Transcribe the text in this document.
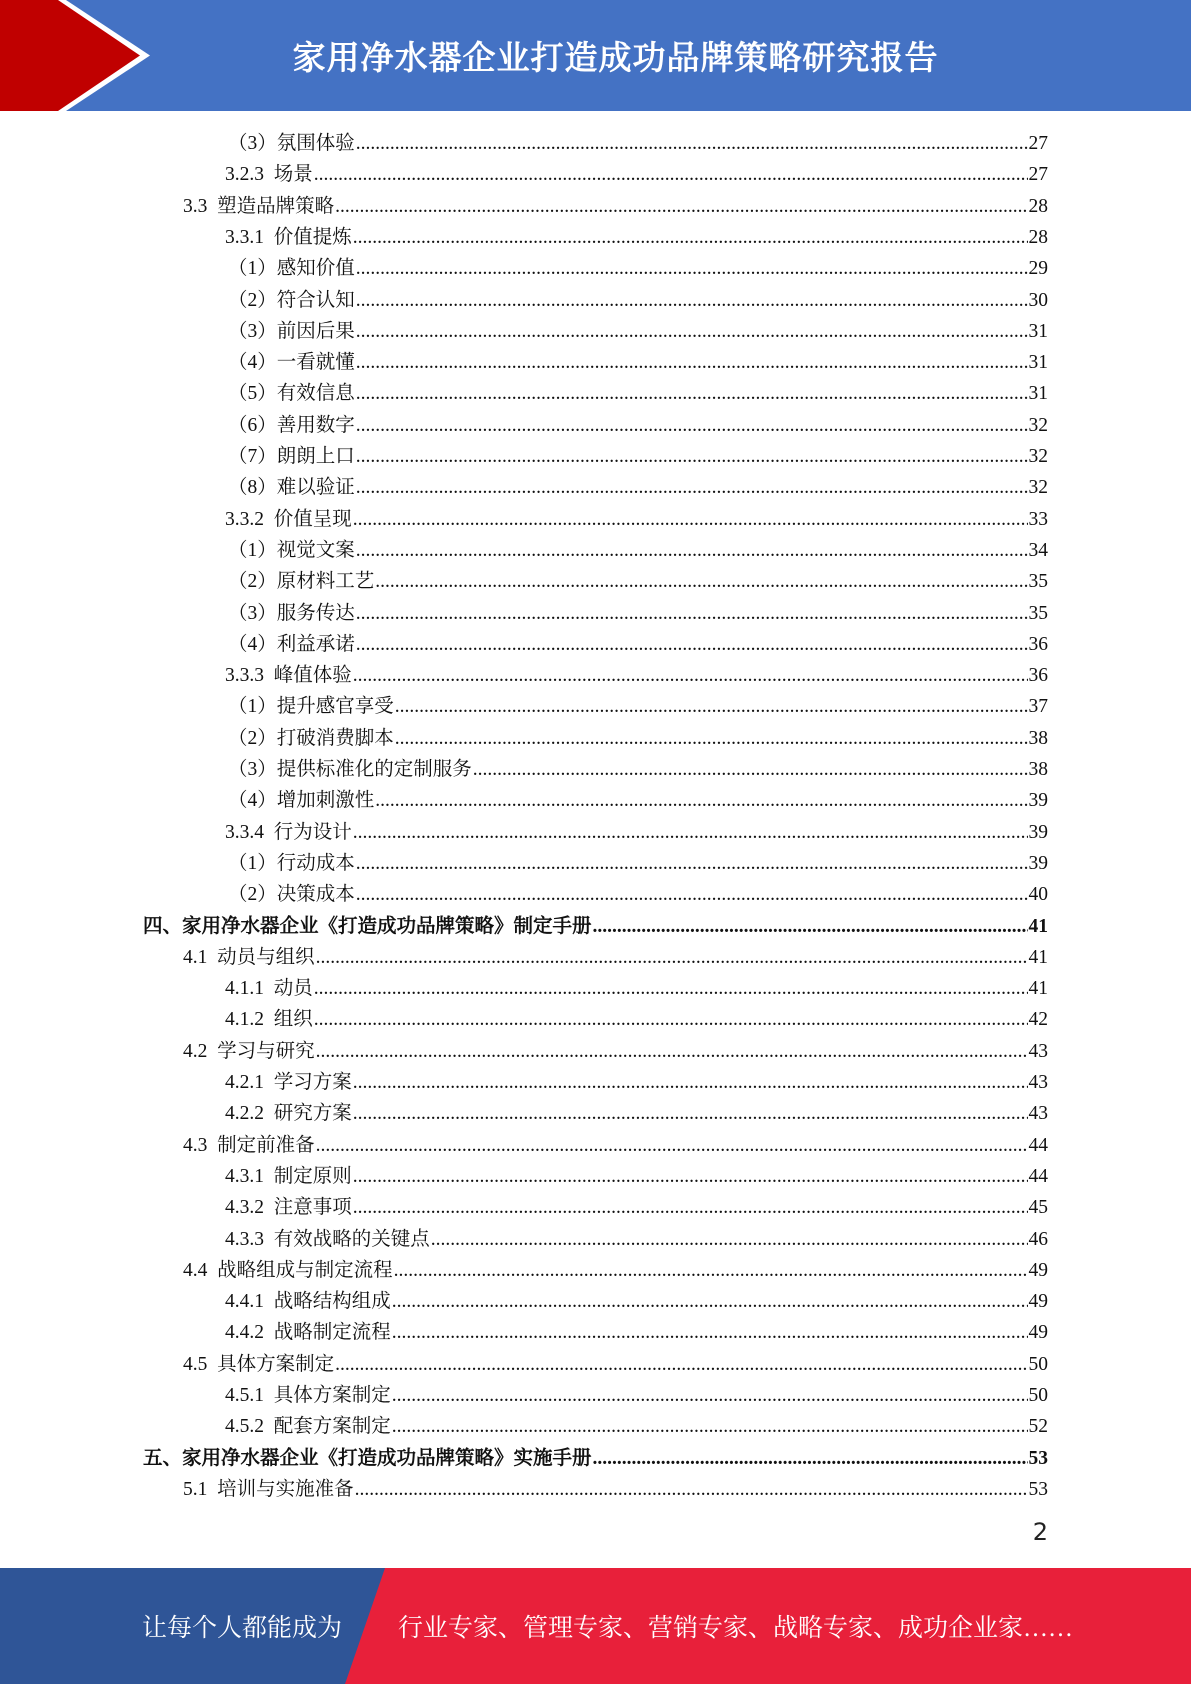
家用净水器企业打造成功品牌策略研究报告
（3）氛围体验 .....	27
3.2.3  场景 .....	27
3.3  塑造品牌策略 .....	28
3.3.1  价值提炼 .....	28
（1）感知价值 .....	29
（2）符合认知 .....	30
（3）前因后果 .....	31
（4）一看就懂 .....	31
（5）有效信息 .....	31
（6）善用数字 .....	32
（7）朗朗上口 .....	32
（8）难以验证 .....	32
3.3.2  价值呈现 .....	33
（1）视觉文案 .....	34
（2）原材料工艺 .....	35
（3）服务传达 .....	35
（4）利益承诺 .....	36
3.3.3  峰值体验 .....	36
（1）提升感官享受 .....	37
（2）打破消费脚本 .....	38
（3）提供标准化的定制服务 .....	38
（4）增加刺激性 .....	39
3.3.4  行为设计 .....	39
（1）行动成本 .....	39
（2）决策成本 .....	40
四、家用净水器企业《打造成功品牌策略》制定手册 .....	41
4.1  动员与组织 .....	41
4.1.1  动员 .....	41
4.1.2  组织 .....	42
4.2  学习与研究 .....	43
4.2.1  学习方案 .....	43
4.2.2  研究方案 .....	43
4.3  制定前准备 .....	44
4.3.1  制定原则 .....	44
4.3.2  注意事项 .....	45
4.3.3  有效战略的关键点 .....	46
4.4  战略组成与制定流程 .....	49
4.4.1  战略结构组成 .....	49
4.4.2  战略制定流程 .....	49
4.5  具体方案制定 .....	50
4.5.1  具体方案制定 .....	50
4.5.2  配套方案制定 .....	52
五、家用净水器企业《打造成功品牌策略》实施手册 .....	53
5.1  培训与实施准备 .....	53
2
让每个人都能成为 行业专家、管理专家、营销专家、战略专家、成功企业家……
